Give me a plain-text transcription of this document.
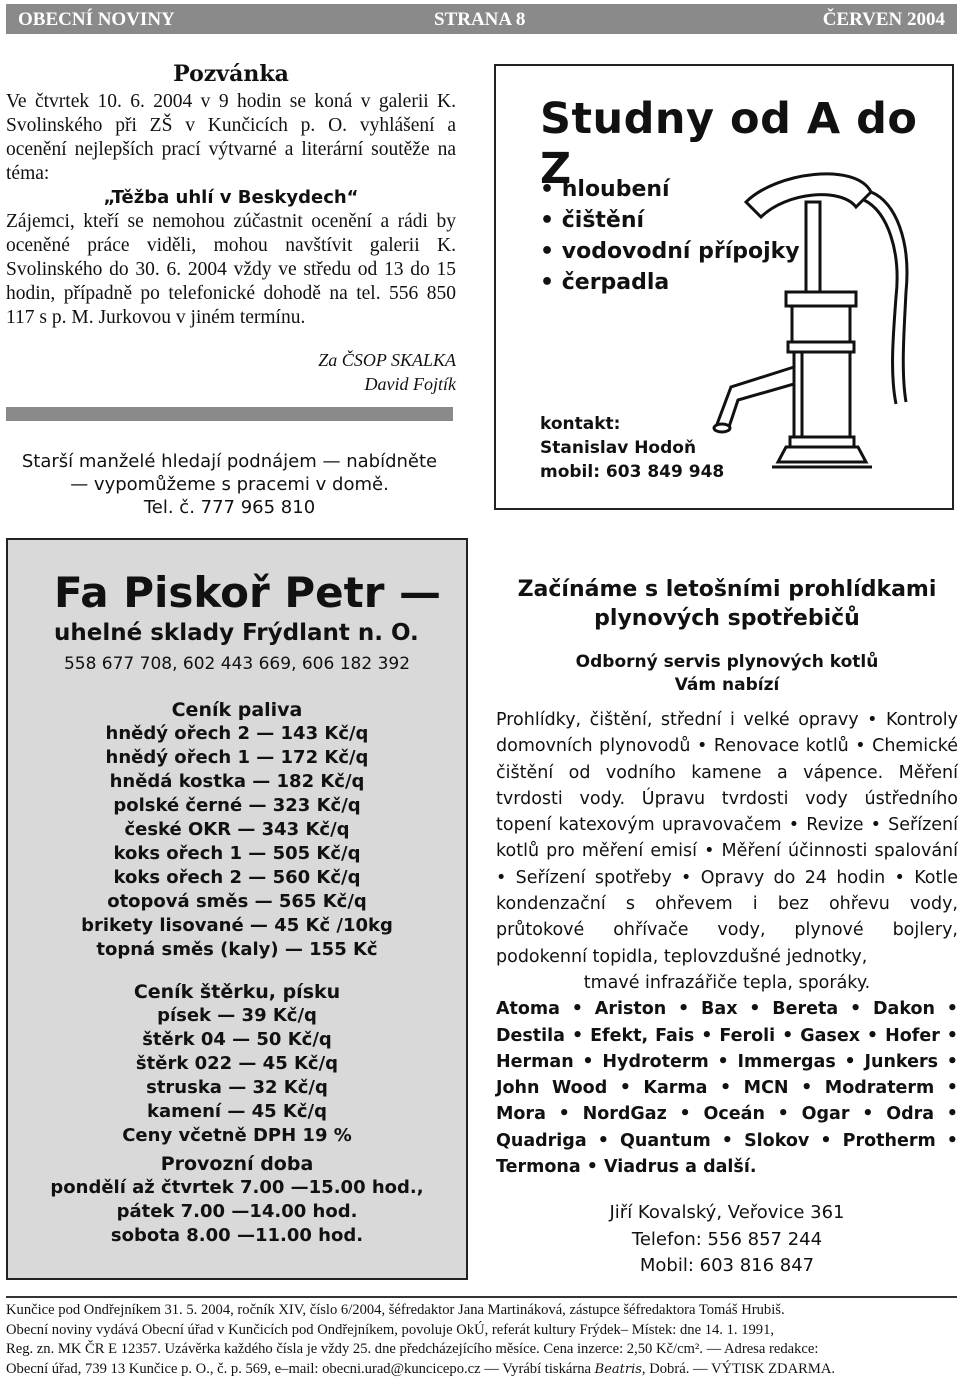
OBECNÍ NOVINY	STRANA 8	ČERVEN 2004
Pozvánka

Ve čtvrtek 10. 6. 2004 v 9 hodin se koná v galerii K. Svolinského při ZŠ v Kunčicích p. O. vyhlášení a ocenění nejlepších prací výtvarné a literární soutěže na téma:

„Těžba uhlí v Beskydech“

Zájemci, kteří se nemohou zúčastnit ocenění a rádi by oceněné práce viděli, mohou navštívit galerii K. Svolinského do 30. 6. 2004 vždy ve středu od 13 do 15 hodin, případně po telefonické dohodě na tel. 556 850 117 s p. M. Jurkovou v jiném termínu.

Za ČSOP SKALKA
David Fojtík
Starší manželé hledají podnájem — nabídněte
— vypomůžeme s pracemi v domě.
Tel. č. 777 965 810
Studny od A do Z
• hloubení
• čištění
• vodovodní přípojky
• čerpadla
kontakt:
Stanislav Hodoň
mobil: 603 849 948
Fa Piskoř Petr —
uhelné sklady Frýdlant n. O.
558 677 708, 602 443 669, 606 182 392
Ceník paliva
hnědý ořech 2 — 143 Kč/q
hnědý ořech 1 — 172 Kč/q
hnědá kostka — 182 Kč/q
polské černé — 323 Kč/q
české OKR — 343 Kč/q
koks ořech 1 — 505 Kč/q
koks ořech 2 — 560 Kč/q
otopová směs — 565 Kč/q
brikety lisované — 45 Kč /10kg
topná směs (kaly) — 155 Kč
Ceník štěrku, písku
písek — 39 Kč/q
štěrk 04 — 50 Kč/q
štěrk 022 — 45 Kč/q
struska — 32 Kč/q
kamení — 45 Kč/q
Ceny včetně DPH 19 %
Provozní doba
pondělí až čtvrtek 7.00 —15.00 hod.,
pátek 7.00 —14.00 hod.
sobota 8.00 —11.00 hod.
Začínáme s letošními prohlídkami
plynových spotřebičů
Odborný servis plynových kotlů
Vám nabízí
Prohlídky, čištění, střední i velké opravy • Kontroly domovních plynovodů • Renovace kotlů • Chemické čištění od vodního kamene a vápence. Měření tvrdosti vody. Úpravu tvrdosti vody ústředního topení katexovým upravovačem • Revize • Seřízení kotlů pro měření emisí • Měření účinnosti spalování • Seřízení spotřeby • Opravy do 24 hodin • Kotle kondenzační s ohřevem i bez ohřevu vody, průtokové ohřívače vody, plynové bojlery, podokenní topidla, teplovzdušné jednotky,
tmavé infrazářiče tepla, sporáky.
Atoma • Ariston • Bax • Bereta • Dakon • Destila • Efekt, Fais • Feroli • Gasex • Hofer • Herman • Hydroterm • Immergas • Junkers • John Wood • Karma • MCN • Modraterm • Mora • NordGaz • Oceán • Ogar • Odra • Quadriga • Quantum • Slokov • Protherm • Termona • Viadrus a další.
Jiří Kovalský, Veřovice 361
Telefon: 556 857 244
Mobil: 603 816 847
Kunčice pod Ondřejníkem 31. 5. 2004, ročník XIV, číslo 6/2004, šéfredaktor Jana Martináková, zástupce šéfredaktora Tomáš Hrubiš.
Obecní noviny vydává Obecní úřad v Kunčicích pod Ondřejníkem, povoluje OkÚ, referát kultury Frýdek– Místek: dne 14. 1. 1991,
Reg. zn. MK ČR E 12357. Uzávěrka každého čísla je vždy 25. dne předcházejícího měsíce. Cena inzerce: 2,50 Kč/cm². — Adresa redakce:
Obecní úřad, 739 13 Kunčice p. O., č. p. 569, e–mail: obecni.urad@kuncicepo.cz — Vyrábí tiskárna Beatris, Dobrá. — VÝTISK ZDARMA.
